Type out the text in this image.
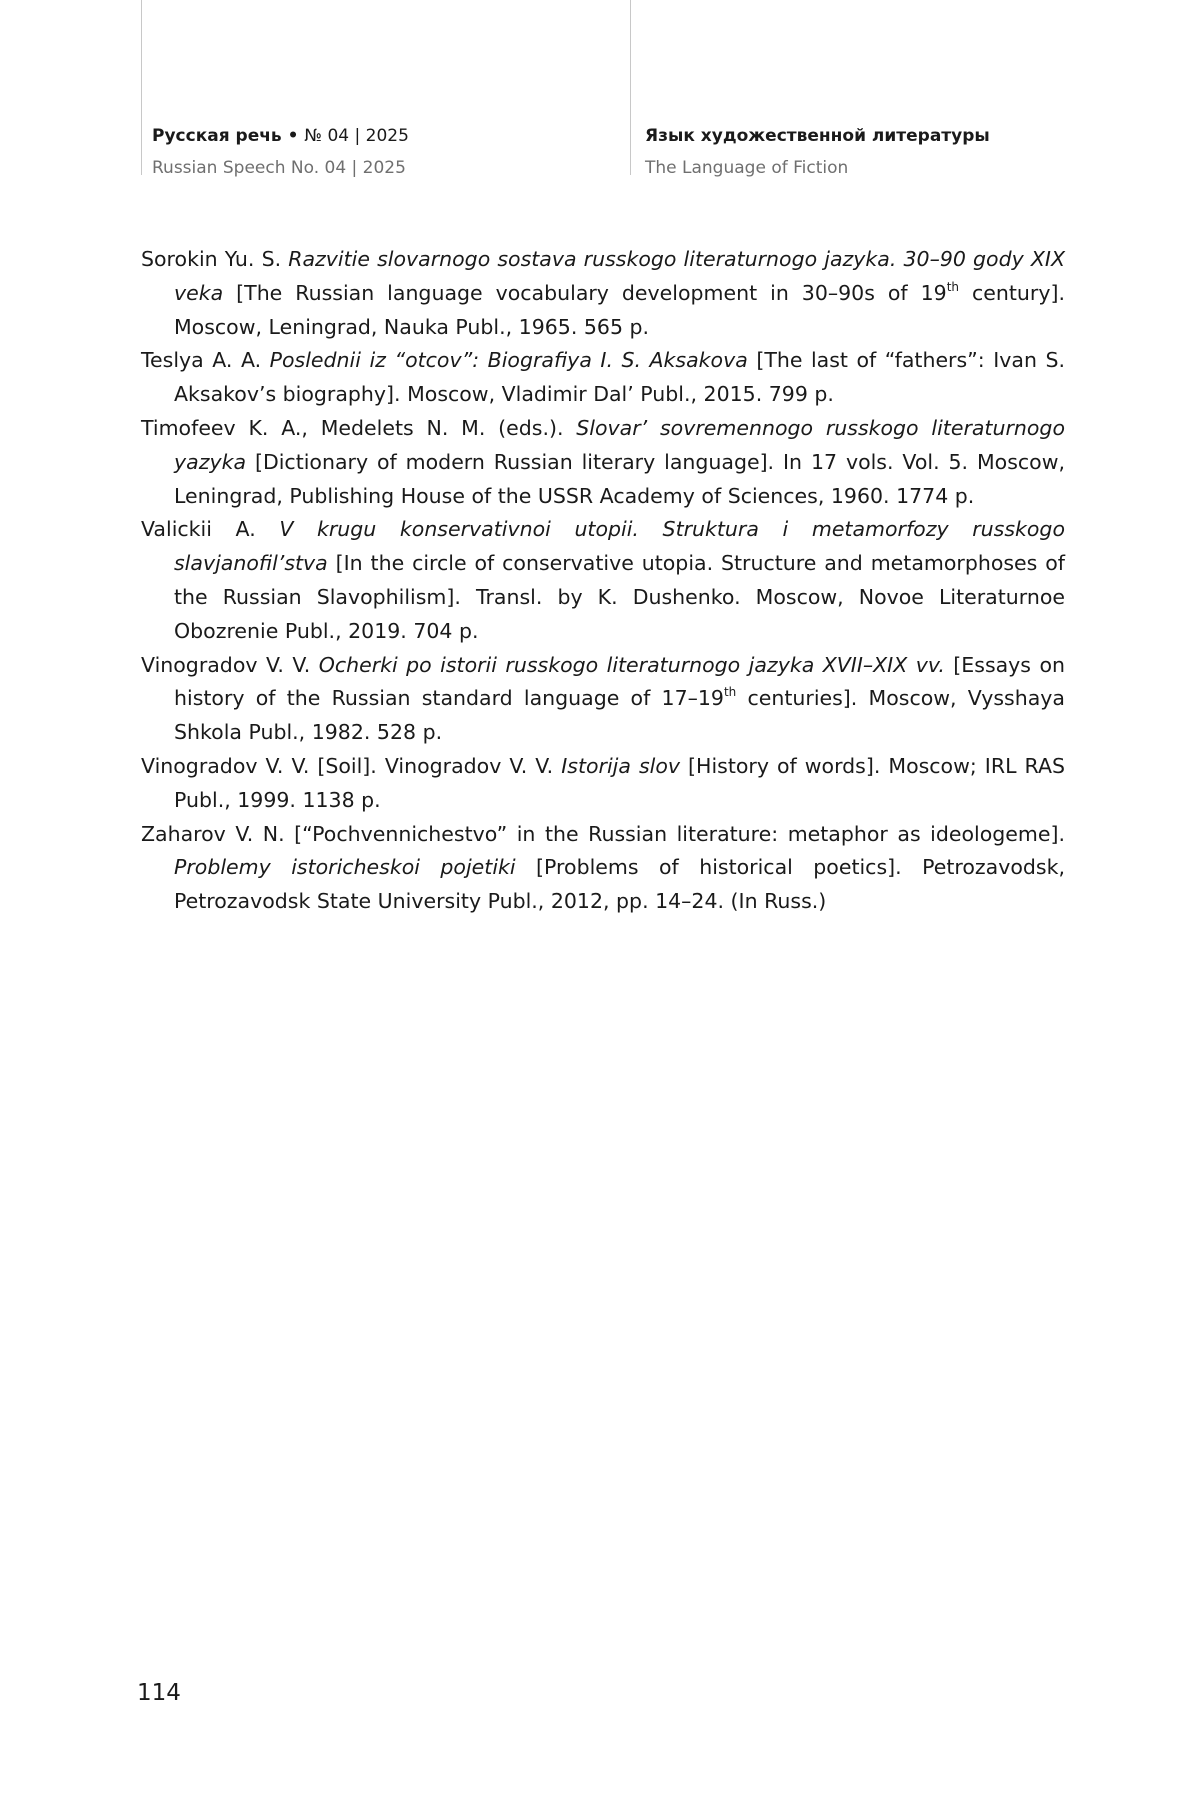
Русская речь • № 04 | 2025
Russian Speech No. 04 | 2025
Язык художественной литературы
The Language of Fiction

Sorokin Yu. S. Razvitie slovarnogo sostava russkogo literaturnogo jazyka. 30–90 gody XIX veka [The Russian language vocabulary development in 30–90s of 19th century]. Moscow, Leningrad, Nauka Publ., 1965. 565 p.

Teslya A. A. Poslednii iz “otcov”: Biografiya I. S. Aksakova [The last of “fathers”: Ivan S. Aksakov’s biography]. Moscow, Vladimir Dal’ Publ., 2015. 799 p.

Timofeev K. A., Medelets N. M. (eds.). Slovar’ sovremennogo russkogo literaturnogo yazyka [Dictionary of modern Russian literary language]. In 17 vols. Vol. 5. Moscow, Leningrad, Publishing House of the USSR Academy of Sciences, 1960. 1774 p.

Valickii A. V krugu konservativnoi utopii. Struktura i metamorfozy russkogo slavjanofil’stva [In the circle of conservative utopia. Structure and metamorphoses of the Russian Slavophilism]. Transl. by K. Dushenko. Moscow, Novoe Literaturnoe Obozrenie Publ., 2019. 704 p.

Vinogradov V. V. Ocherki po istorii russkogo literaturnogo jazyka XVII–XIX vv. [Essays on history of the Russian standard language of 17–19th centuries]. Moscow, Vysshaya Shkola Publ., 1982. 528 p.

Vinogradov V. V. [Soil]. Vinogradov V. V. Istorija slov [History of words]. Moscow; IRL RAS Publ., 1999. 1138 p.

Zaharov V. N. [“Pochvennichestvo” in the Russian literature: metaphor as ideologeme]. Problemy istoricheskoi pojetiki [Problems of historical poetics]. Petrozavodsk, Petrozavodsk State University Publ., 2012, pp. 14–24. (In Russ.)

114
